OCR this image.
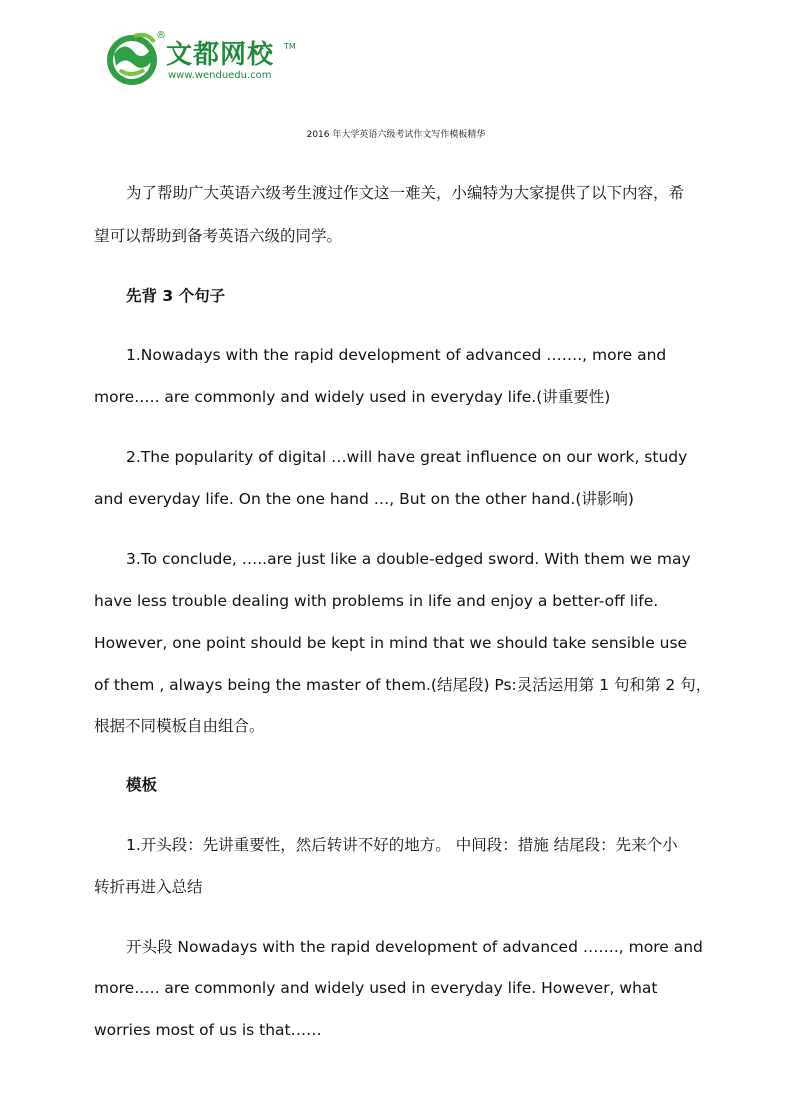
®
文都网校 TM
www.wenduedu.com
2016 年大学英语六级考试作文写作模板精华
为了帮助广大英语六级考生渡过作文这一难关，小编特为大家提供了以下内容，希
望可以帮助到备考英语六级的同学。
先背 3 个句子
1.Nowadays with the rapid development of advanced ……., more and
more….. are commonly and widely used in everyday life.(讲重要性)
2.The popularity of digital …will have great influence on our work, study
and everyday life. On the one hand …, But on the other hand.(讲影响)
3.To conclude, …..are just like a double-edged sword. With them we may
have less trouble dealing with problems in life and enjoy a better-off life.
However, one point should be kept in mind that we should take sensible use
of them , always being the master of them.(结尾段) Ps:灵活运用第 1 句和第 2 句，
根据不同模板自由组合。
模板
1.开头段：先讲重要性，然后转讲不好的地方。 中间段：措施 结尾段：先来个小
转折再进入总结
开头段 Nowadays with the rapid development of advanced ……., more and
more….. are commonly and widely used in everyday life. However, what
worries most of us is that……
